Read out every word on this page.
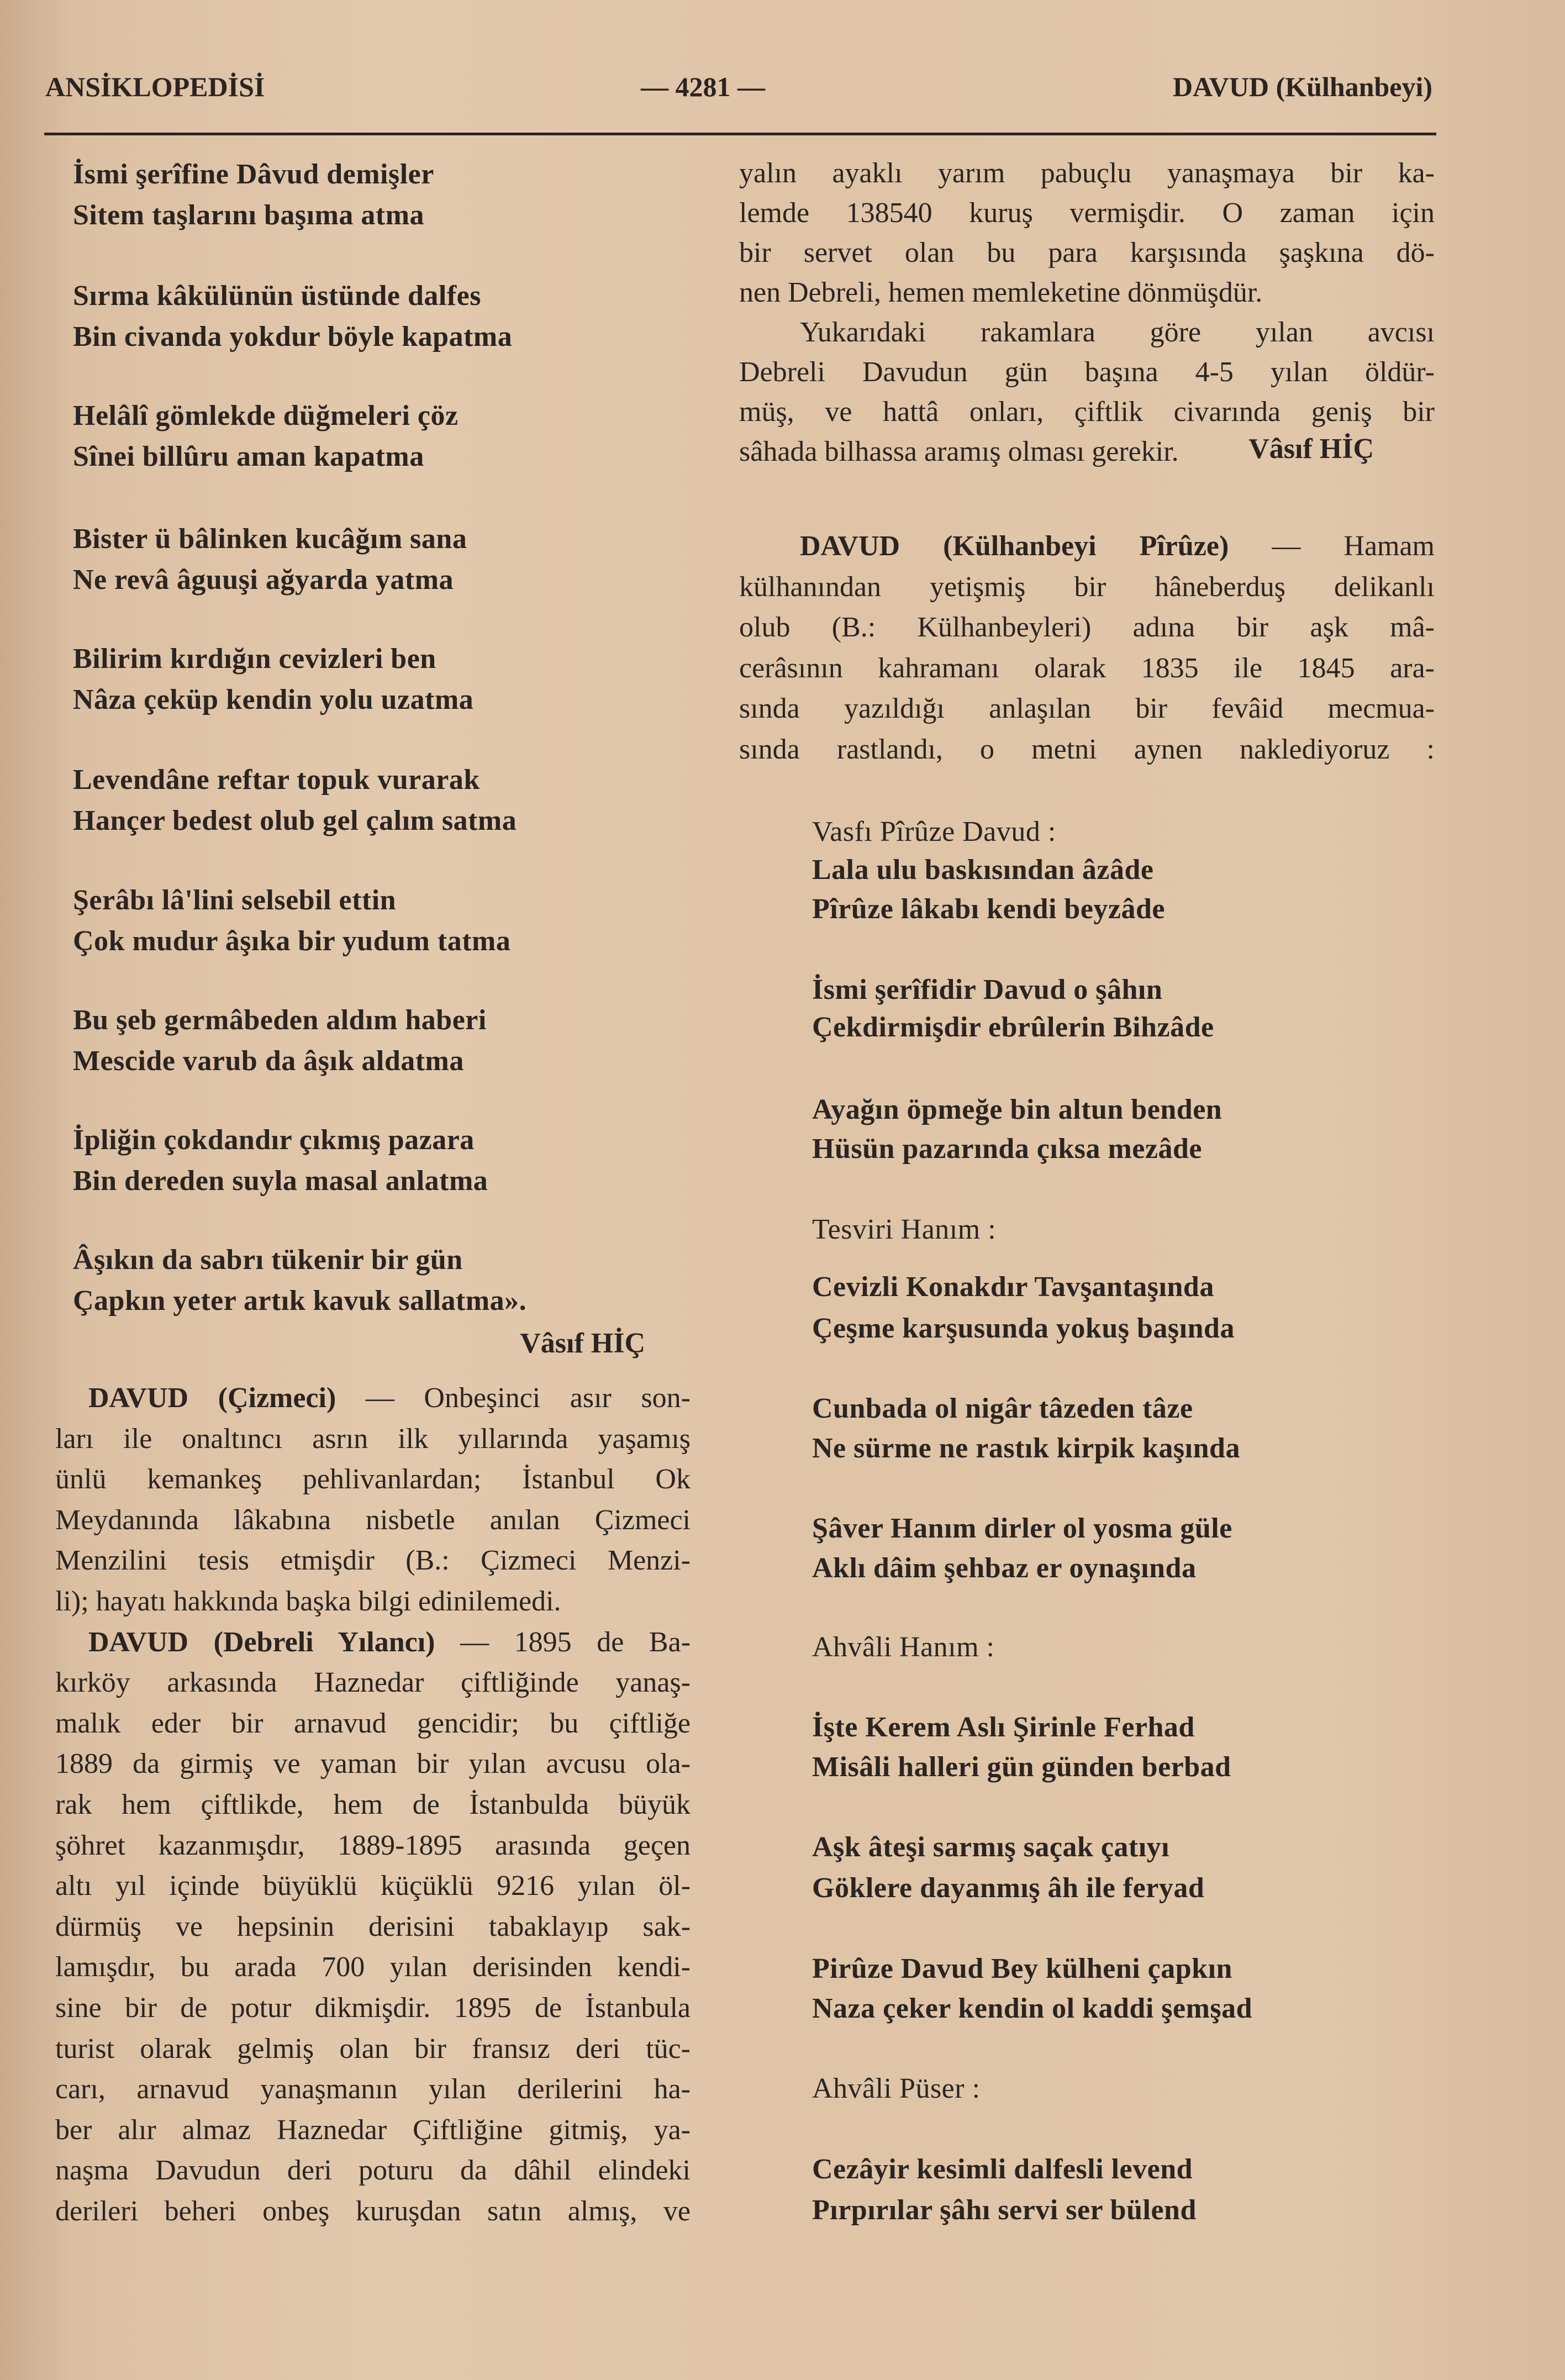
ANSİKLOPEDİSİ	— 4281 —	DAVUD (Külhanbeyi)
Vâsıf HİÇ
Vâsıf HİÇ
İsmi şerîfine Dâvud demişler
Sitem taşlarını başıma atma
Sırma kâkülünün üstünde dalfes
Bin civanda yokdur böyle kapatma
Helâlî gömlekde düğmeleri çöz
Sînei billûru aman kapatma
Bister ü bâlinken kucâğım sana
Ne revâ âguuşi ağyarda yatma
Bilirim kırdığın cevizleri ben
Nâza çeküp kendin yolu uzatma
Levendâne reftar topuk vurarak
Hançer bedest olub gel çalım satma
Şerâbı lâ'lini selsebil ettin
Çok mudur âşıka bir yudum tatma
Bu şeb germâbeden aldım haberi
Mescide varub da âşık aldatma
İpliğin çokdandır çıkmış pazara
Bin dereden suyla masal anlatma
Âşıkın da sabrı tükenir bir gün
Çapkın yeter artık kavuk sallatma».
DAVUD (Çizmeci) — Onbeşinci asır son-
ları ile onaltıncı asrın ilk yıllarında yaşamış
ünlü kemankeş pehlivanlardan; İstanbul Ok
Meydanında lâkabına nisbetle anılan Çizmeci
Menzilini tesis etmişdir (B.: Çizmeci Menzi-
li); hayatı hakkında başka bilgi edinilemedi.
DAVUD (Debreli Yılancı) — 1895 de Ba-
kırköy arkasında Haznedar çiftliğinde yanaş-
malık eder bir arnavud gencidir; bu çiftliğe
1889 da girmiş ve yaman bir yılan avcusu ola-
rak hem çiftlikde, hem de İstanbulda büyük
şöhret kazanmışdır, 1889-1895 arasında geçen
altı yıl içinde büyüklü küçüklü 9216 yılan öl-
dürmüş ve hepsinin derisini tabaklayıp sak-
lamışdır, bu arada 700 yılan derisinden kendi-
sine bir de potur dikmişdir. 1895 de İstanbula
turist olarak gelmiş olan bir fransız deri tüc-
carı, arnavud yanaşmanın yılan derilerini ha-
ber alır almaz Haznedar Çiftliğine gitmiş, ya-
naşma Davudun deri poturu da dâhil elindeki
derileri beheri onbeş kuruşdan satın almış, ve
yalın ayaklı yarım pabuçlu yanaşmaya bir ka-
lemde 138540 kuruş vermişdir. O zaman için
bir servet olan bu para karşısında şaşkına dö-
nen Debreli, hemen memleketine dönmüşdür.
Yukarıdaki rakamlara göre yılan avcısı
Debreli Davudun gün başına 4-5 yılan öldür-
müş, ve hattâ onları, çiftlik civarında geniş bir
sâhada bilhassa aramış olması gerekir.
DAVUD (Külhanbeyi Pîrûze) — Hamam
külhanından yetişmiş bir hâneberduş delikanlı
olub (B.: Külhanbeyleri) adına bir aşk mâ-
cerâsının kahramanı olarak 1835 ile 1845 ara-
sında yazıldığı anlaşılan bir fevâid mecmua-
sında rastlandı, o metni aynen naklediyoruz :
Vasfı Pîrûze Davud :
Lala ulu baskısından âzâde
Pîrûze lâkabı kendi beyzâde
İsmi şerîfidir Davud o şâhın
Çekdirmişdir ebrûlerin Bihzâde
Ayağın öpmeğe bin altun benden
Hüsün pazarında çıksa mezâde
Tesviri Hanım :
Cevizli Konakdır Tavşantaşında
Çeşme karşusunda yokuş başında
Cunbada ol nigâr tâzeden tâze
Ne sürme ne rastık kirpik kaşında
Şâver Hanım dirler ol yosma güle
Aklı dâim şehbaz er oynaşında
Ahvâli Hanım :
İşte Kerem Aslı Şirinle Ferhad
Misâli halleri gün günden berbad
Aşk âteşi sarmış saçak çatıyı
Göklere dayanmış âh ile feryad
Pirûze Davud Bey külheni çapkın
Naza çeker kendin ol kaddi şemşad
Ahvâli Püser :
Cezâyir kesimli dalfesli levend
Pırpırılar şâhı servi ser bülend
